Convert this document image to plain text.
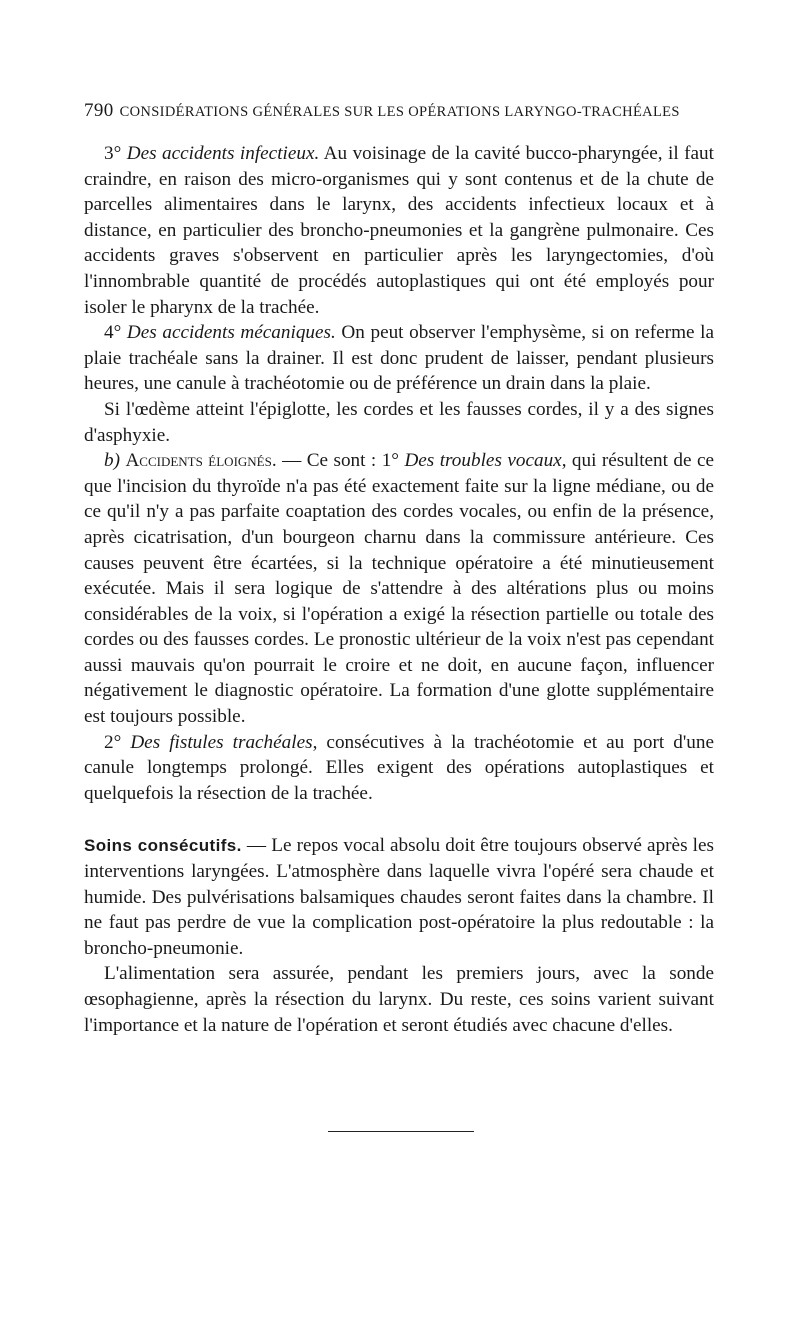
790 CONSIDÉRATIONS GÉNÉRALES SUR LES OPÉRATIONS LARYNGO-TRACHÉALES

3° Des accidents infectieux. Au voisinage de la cavité bucco-pharyngée, il faut craindre, en raison des micro-organismes qui y sont contenus et de la chute de parcelles alimentaires dans le larynx, des accidents infectieux locaux et à distance, en particulier des broncho-pneumonies et la gangrène pulmonaire. Ces accidents graves s'observent en particulier après les laryngectomies, d'où l'innombrable quantité de procédés autoplastiques qui ont été employés pour isoler le pharynx de la trachée.

4° Des accidents mécaniques. On peut observer l'emphysème, si on referme la plaie trachéale sans la drainer. Il est donc prudent de laisser, pendant plusieurs heures, une canule à trachéotomie ou de préférence un drain dans la plaie.

Si l'œdème atteint l'épiglotte, les cordes et les fausses cordes, il y a des signes d'asphyxie.

b) Accidents éloignés. — Ce sont : 1° Des troubles vocaux, qui résultent de ce que l'incision du thyroïde n'a pas été exactement faite sur la ligne médiane, ou de ce qu'il n'y a pas parfaite coaptation des cordes vocales, ou enfin de la présence, après cicatrisation, d'un bourgeon charnu dans la commissure antérieure. Ces causes peuvent être écartées, si la technique opératoire a été minutieusement exécutée. Mais il sera logique de s'attendre à des altérations plus ou moins considérables de la voix, si l'opération a exigé la résection partielle ou totale des cordes ou des fausses cordes. Le pronostic ultérieur de la voix n'est pas cependant aussi mauvais qu'on pourrait le croire et ne doit, en aucune façon, influencer négativement le diagnostic opératoire. La formation d'une glotte supplémentaire est toujours possible.

2° Des fistules trachéales, consécutives à la trachéotomie et au port d'une canule longtemps prolongé. Elles exigent des opérations autoplastiques et quelquefois la résection de la trachée.

Soins consécutifs. — Le repos vocal absolu doit être toujours observé après les interventions laryngées. L'atmosphère dans laquelle vivra l'opéré sera chaude et humide. Des pulvérisations balsamiques chaudes seront faites dans la chambre. Il ne faut pas perdre de vue la complication post-opératoire la plus redoutable : la broncho-pneumonie.

L'alimentation sera assurée, pendant les premiers jours, avec la sonde œsophagienne, après la résection du larynx. Du reste, ces soins varient suivant l'importance et la nature de l'opération et seront étudiés avec chacune d'elles.
